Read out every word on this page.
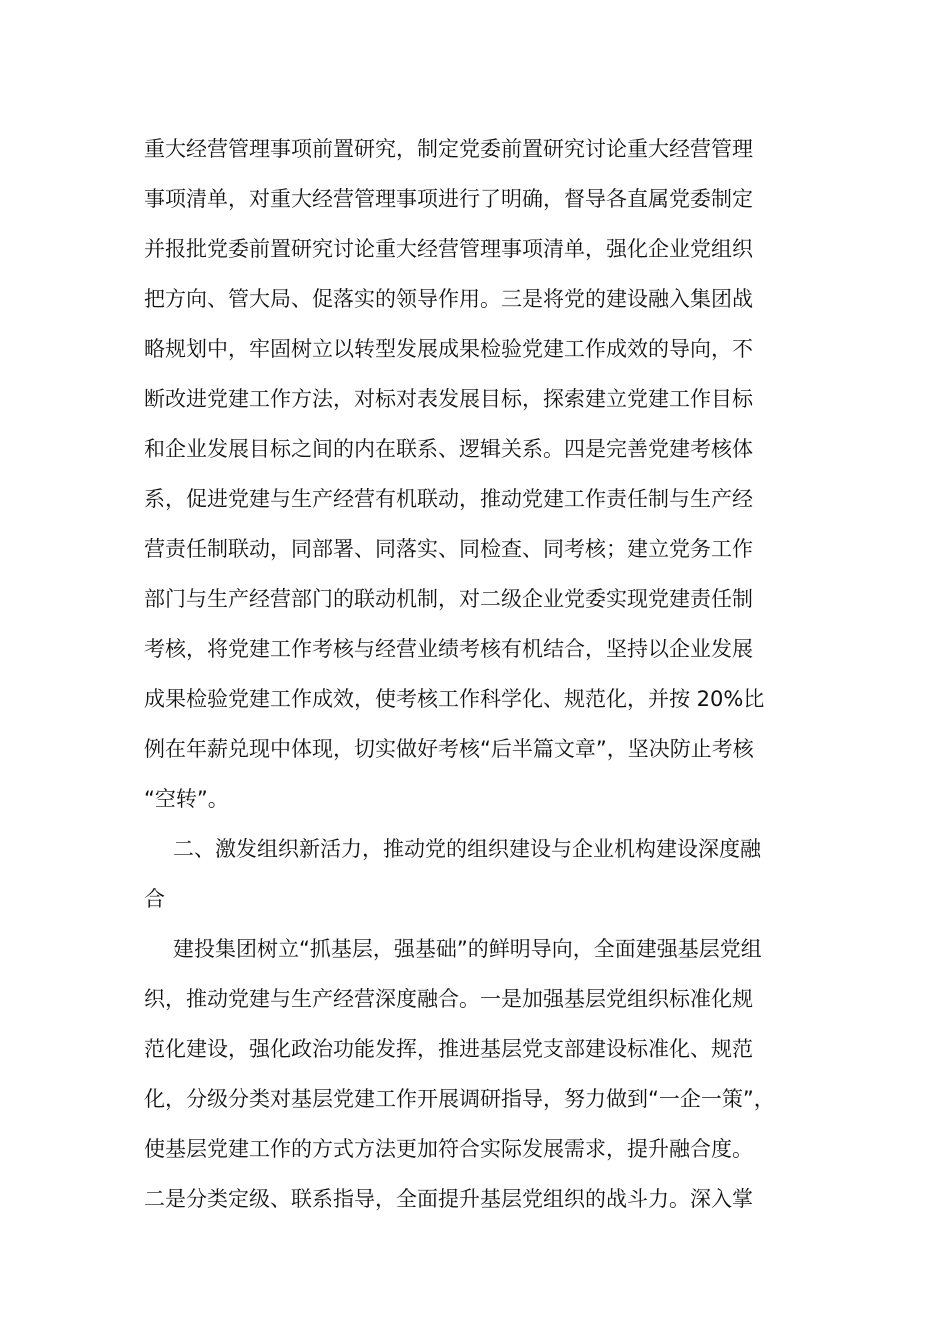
重大经营管理事项前置研究，制定党委前置研究讨论重大经营管理
事项清单，对重大经营管理事项进行了明确，督导各直属党委制定
并报批党委前置研究讨论重大经营管理事项清单，强化企业党组织
把方向、管大局、促落实的领导作用。三是将党的建设融入集团战
略规划中，牢固树立以转型发展成果检验党建工作成效的导向，不
断改进党建工作方法，对标对表发展目标，探索建立党建工作目标
和企业发展目标之间的内在联系、逻辑关系。四是完善党建考核体
系，促进党建与生产经营有机联动，推动党建工作责任制与生产经
营责任制联动，同部署、同落实、同检查、同考核；建立党务工作
部门与生产经营部门的联动机制，对二级企业党委实现党建责任制
考核，将党建工作考核与经营业绩考核有机结合，坚持以企业发展
成果检验党建工作成效，使考核工作科学化、规范化，并按 20%比
例在年薪兑现中体现，切实做好考核“后半篇文章”，坚决防止考核
“空转”。
二、激发组织新活力，推动党的组织建设与企业机构建设深度融
合
建投集团树立“抓基层，强基础”的鲜明导向，全面建强基层党组
织，推动党建与生产经营深度融合。一是加强基层党组织标准化规
范化建设，强化政治功能发挥，推进基层党支部建设标准化、规范
化，分级分类对基层党建工作开展调研指导，努力做到“一企一策”，
使基层党建工作的方式方法更加符合实际发展需求，提升融合度。
二是分类定级、联系指导，全面提升基层党组织的战斗力。深入掌
